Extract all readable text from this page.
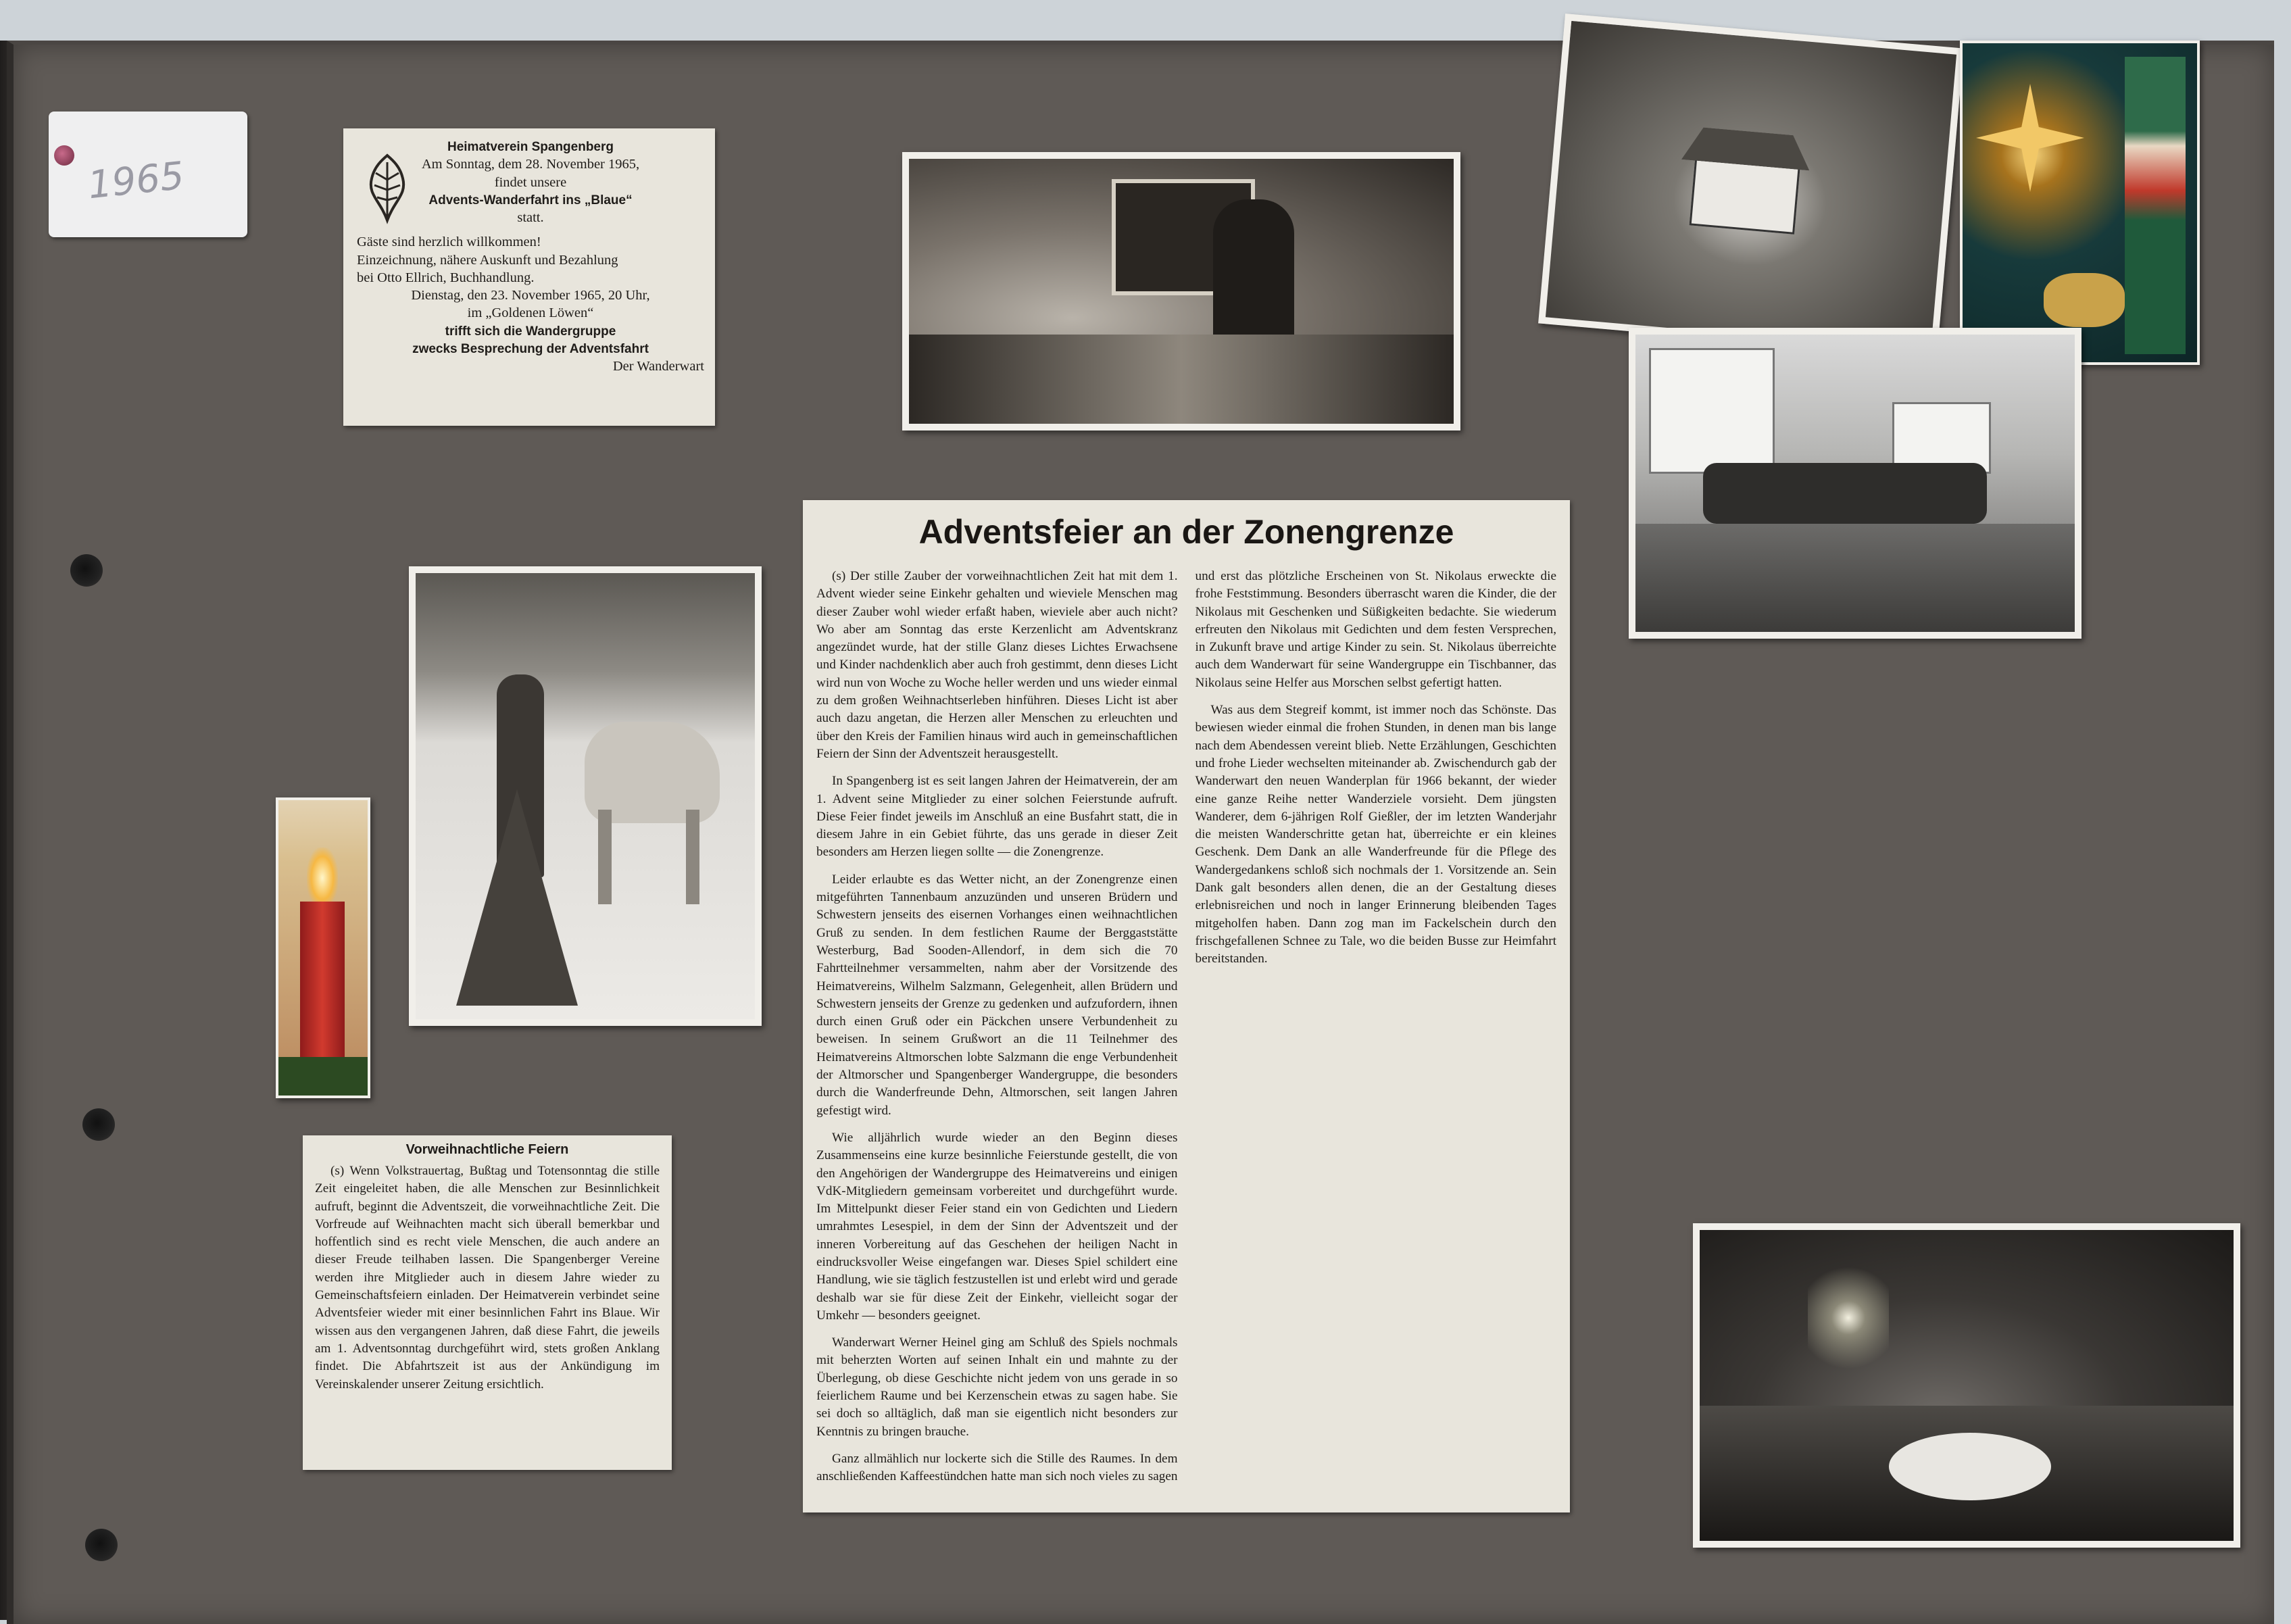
1965
Heimatverein Spangenberg
Am Sonntag, dem 28. November 1965,
findet unsere
Advents-Wanderfahrt ins „Blaue“
statt.
Gäste sind herzlich willkommen!
Einzeichnung, nähere Auskunft und Bezahlung
bei Otto Ellrich, Buchhandlung.
Dienstag, den 23. November 1965, 20 Uhr,
im „Goldenen Löwen“
trifft sich die Wandergruppe
zwecks Besprechung der Adventsfahrt
Der Wanderwart
Adventsfeier an der Zonengrenze

(s) Der stille Zauber der vorweihnachtlichen Zeit hat mit dem 1. Advent wieder seine Einkehr gehalten und wieviele Menschen mag dieser Zauber wohl wieder erfaßt haben, wieviele aber auch nicht? Wo aber am Sonntag das erste Kerzenlicht am Adventskranz angezündet wurde, hat der stille Glanz dieses Lichtes Erwachsene und Kinder nachdenklich aber auch froh gestimmt, denn dieses Licht wird nun von Woche zu Woche heller werden und uns wieder einmal zu dem großen Weihnachtserleben hinführen. Dieses Licht ist aber auch dazu angetan, die Herzen aller Menschen zu erleuchten und über den Kreis der Familien hinaus wird auch in gemeinschaftlichen Feiern der Sinn der Adventszeit herausgestellt.

In Spangenberg ist es seit langen Jahren der Heimatverein, der am 1. Advent seine Mitglieder zu einer solchen Feierstunde aufruft. Diese Feier findet jeweils im Anschluß an eine Busfahrt statt, die in diesem Jahre in ein Gebiet führte, das uns gerade in dieser Zeit besonders am Herzen liegen sollte — die Zonengrenze.

Leider erlaubte es das Wetter nicht, an der Zonengrenze einen mitgeführten Tannenbaum anzuzünden und unseren Brüdern und Schwestern jenseits des eisernen Vorhanges einen weihnachtlichen Gruß zu senden. In dem festlichen Raume der Berggaststätte Westerburg, Bad Sooden-Allendorf, in dem sich die 70 Fahrtteilnehmer versammelten, nahm aber der Vorsitzende des Heimatvereins, Wilhelm Salzmann, Gelegenheit, allen Brüdern und Schwestern jenseits der Grenze zu gedenken und aufzufordern, ihnen durch einen Gruß oder ein Päckchen unsere Verbundenheit zu beweisen. In seinem Grußwort an die 11 Teilnehmer des Heimatvereins Altmorschen lobte Salzmann die enge Verbundenheit der Altmorscher und Spangenberger Wandergruppe, die besonders durch die Wanderfreunde Dehn, Altmorschen, seit langen Jahren gefestigt wird.

Wie alljährlich wurde wieder an den Beginn dieses Zusammenseins eine kurze besinnliche Feierstunde gestellt, die von den Angehörigen der Wandergruppe des Heimatvereins und einigen VdK-Mitgliedern gemeinsam vorbereitet und durchgeführt wurde. Im Mittelpunkt dieser Feier stand ein von Gedichten und Liedern umrahmtes Lesespiel, in dem der Sinn der Adventszeit und der inneren Vorbereitung auf das Geschehen der heiligen Nacht in eindrucksvoller Weise eingefangen war. Dieses Spiel schildert eine Handlung, wie sie täglich festzustellen ist und erlebt wird und gerade deshalb war sie für diese Zeit der Einkehr, vielleicht sogar der Umkehr — besonders geeignet.

Wanderwart Werner Heinel ging am Schluß des Spiels nochmals mit beherzten Worten auf seinen Inhalt ein und mahnte zu der Überlegung, ob diese Geschichte nicht jedem von uns gerade in so feierlichem Raume und bei Kerzenschein etwas zu sagen habe. Sie sei doch so alltäglich, daß man sie eigentlich nicht besonders zur Kenntnis zu bringen brauche.

Ganz allmählich nur lockerte sich die Stille des Raumes. In dem anschließenden Kaffeestündchen hatte man sich noch vieles zu sagen und erst das plötzliche Erscheinen von St. Nikolaus erweckte die frohe Feststimmung. Besonders überrascht waren die Kinder, die der Nikolaus mit Geschenken und Süßigkeiten bedachte. Sie wiederum erfreuten den Nikolaus mit Gedichten und dem festen Versprechen, in Zukunft brave und artige Kinder zu sein. St. Nikolaus überreichte auch dem Wanderwart für seine Wandergruppe ein Tischbanner, das Nikolaus seine Helfer aus Morschen selbst gefertigt hatten.

Was aus dem Stegreif kommt, ist immer noch das Schönste. Das bewiesen wieder einmal die frohen Stunden, in denen man bis lange nach dem Abendessen vereint blieb. Nette Erzählungen, Geschichten und frohe Lieder wechselten miteinander ab. Zwischendurch gab der Wanderwart den neuen Wanderplan für 1966 bekannt, der wieder eine ganze Reihe netter Wanderziele vorsieht. Dem jüngsten Wanderer, dem 6-jährigen Rolf Gießler, der im letzten Wanderjahr die meisten Wanderschritte getan hat, überreichte er ein kleines Geschenk. Dem Dank an alle Wanderfreunde für die Pflege des Wandergedankens schloß sich nochmals der 1. Vorsitzende an. Sein Dank galt besonders allen denen, die an der Gestaltung dieses erlebnisreichen und noch in langer Erinnerung bleibenden Tages mitgeholfen haben. Dann zog man im Fackelschein durch den frischgefallenen Schnee zu Tale, wo die beiden Busse zur Heimfahrt bereitstanden.

Vorweihnachtliche Feiern

(s) Wenn Volkstrauertag, Bußtag und Totensonntag die stille Zeit eingeleitet haben, die alle Menschen zur Besinnlichkeit aufruft, beginnt die Adventszeit, die vorweihnachtliche Zeit. Die Vorfreude auf Weihnachten macht sich überall bemerkbar und hoffentlich sind es recht viele Menschen, die auch andere an dieser Freude teilhaben lassen. Die Spangenberger Vereine werden ihre Mitglieder auch in diesem Jahre wieder zu Gemeinschaftsfeiern einladen. Der Heimatverein verbindet seine Adventsfeier wieder mit einer besinnlichen Fahrt ins Blaue. Wir wissen aus den vergangenen Jahren, daß diese Fahrt, die jeweils am 1. Adventsonntag durchgeführt wird, stets großen Anklang findet. Die Abfahrtszeit ist aus der Ankündigung im Vereinskalender unserer Zeitung ersichtlich.
